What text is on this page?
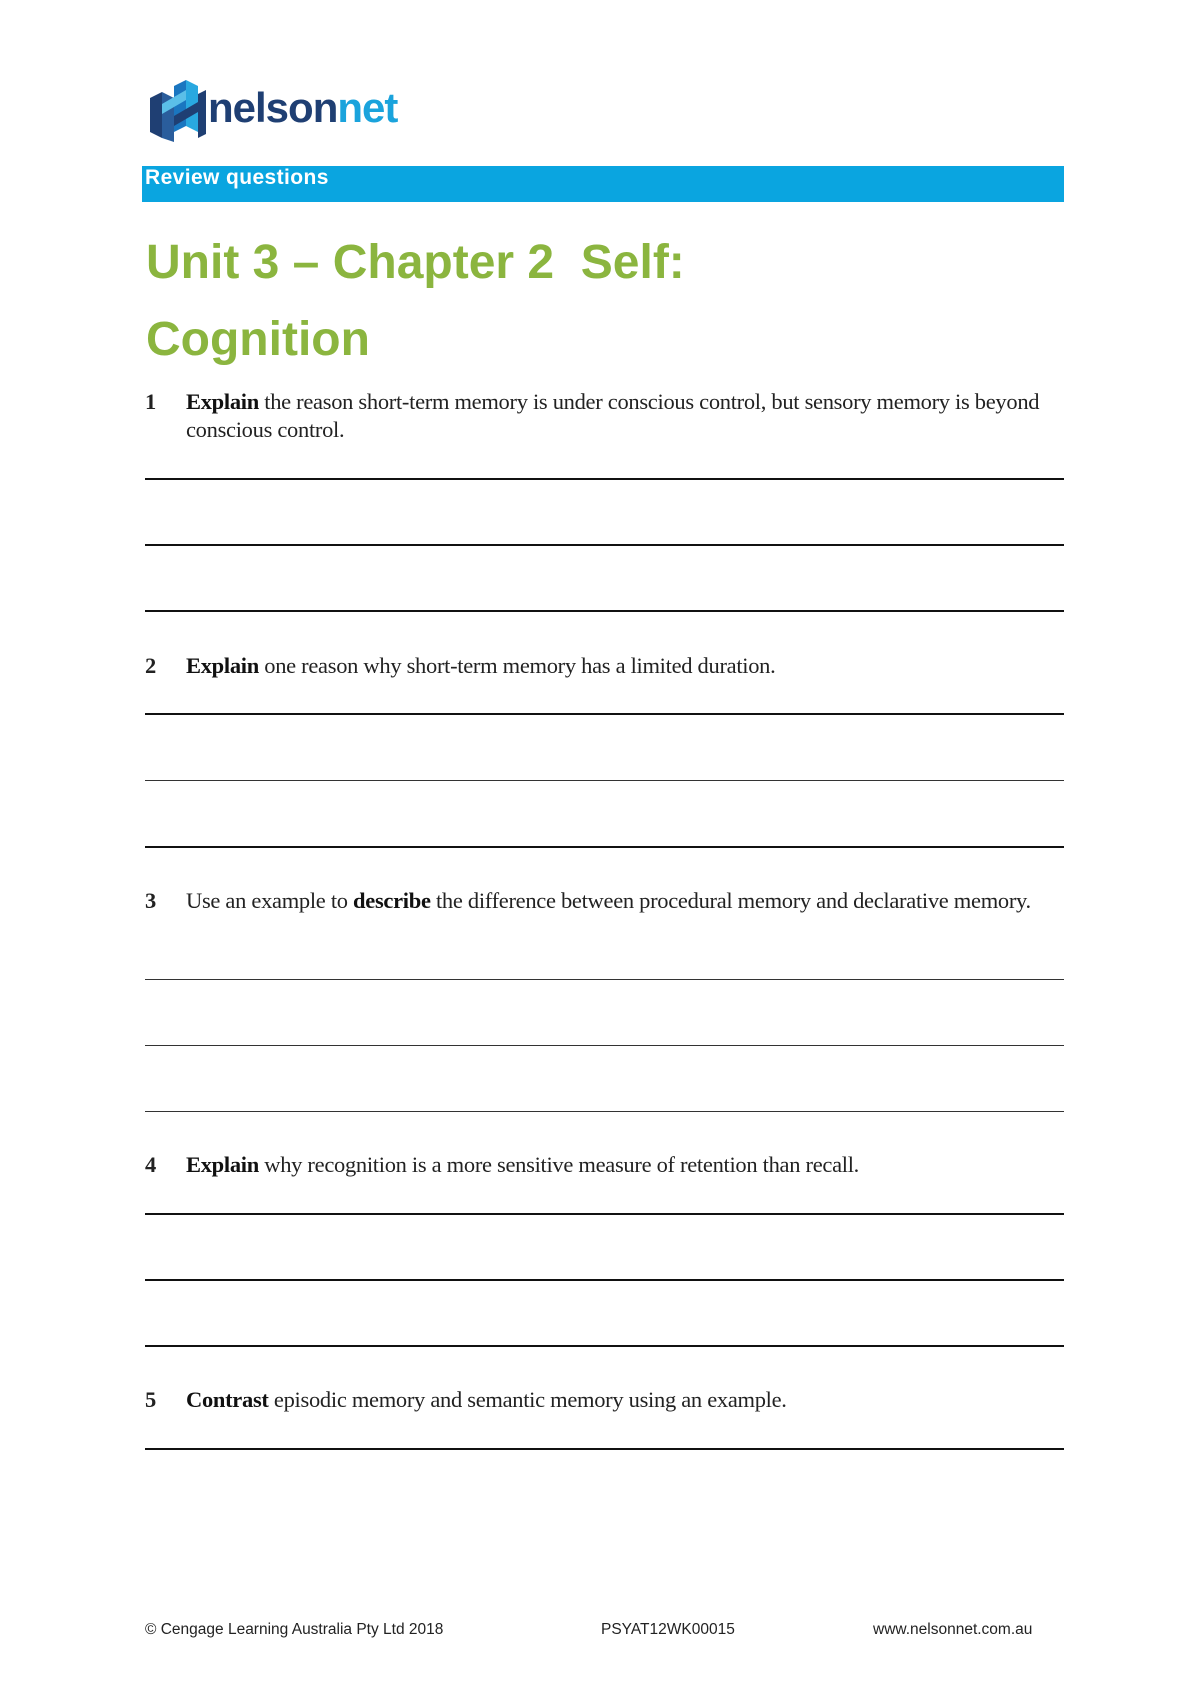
nelsonnet
Review questions
Unit 3 – Chapter 2  Self:
Cognition
1 Explain the reason short-term memory is under conscious control, but sensory memory is beyond conscious control.
2 Explain one reason why short-term memory has a limited duration.
3 Use an example to describe the difference between procedural memory and declarative memory.
4 Explain why recognition is a more sensitive measure of retention than recall.
5 Contrast episodic memory and semantic memory using an example.
© Cengage Learning Australia Pty Ltd 2018	PSYAT12WK00015	www.nelsonnet.com.au
